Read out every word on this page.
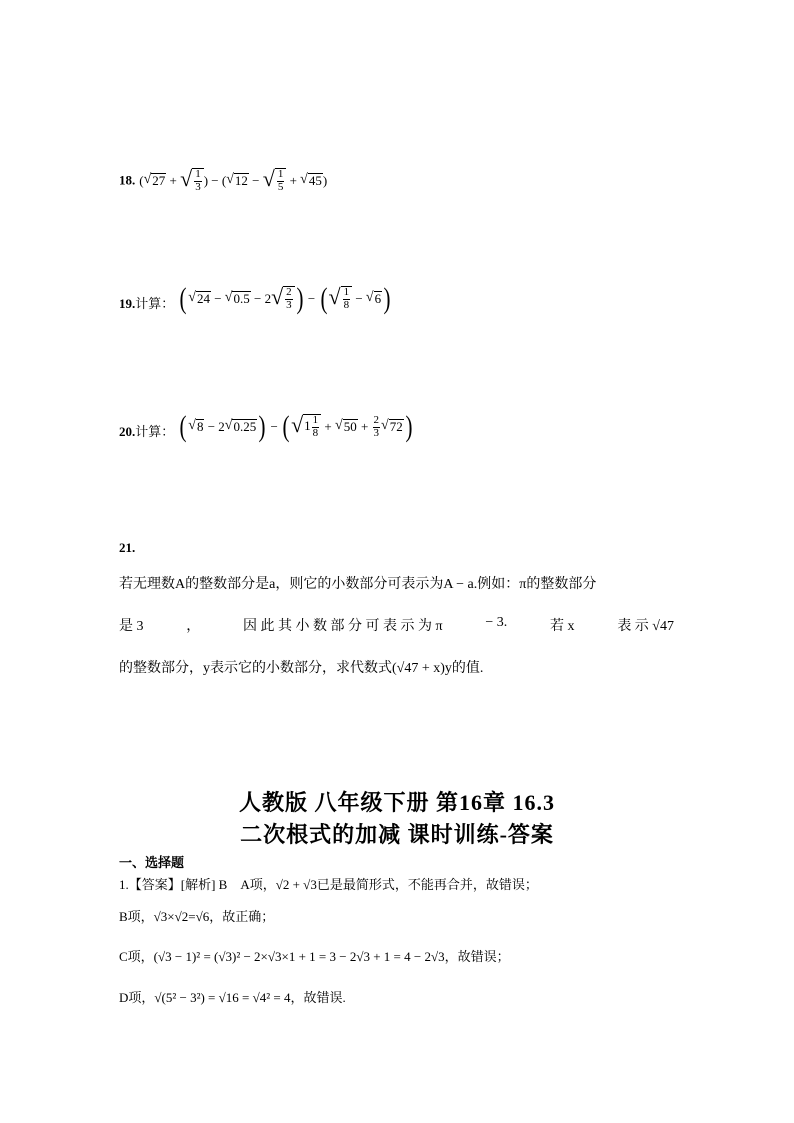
18. ( √ 27 + √ $\frac{1}{3}$ ) − ( √ 12 − √ $\frac{1}{5}$ + √ 45 )
19.计算： ( √ 24 − √ 0.5 − 2 √ $\frac{2}{3}$ ) − ( √ $\frac{1}{8}$ − √ 6 )
20.计算： ( √ 8 − 2 √ 0.25 ) − ( √ $1 \frac{1}{8}$ + √ $50 + \frac{2}{3}$ √ 72 )
21.
若无理数A的整数部分是a，则它的小数部分可表示为A − a.例如：π的整数部分
是 3	，	因 此 其 小 数 部 分 可 表 示 为 π	− 3.	若 x	表 示 √47
的整数部分，y表示它的小数部分，求代数式(√47 + x)y的值.
人教版 八年级下册 第16章 16.3
二次根式的加减 课时训练-答案
一、选择题
1.【答案】[解析] B　A项，√2 + √3已是最简形式，不能再合并，故错误；
B项，√3×√2=√6，故正确；
C项，(√3 − 1)² = (√3)² − 2×√3×1 + 1 = 3 − 2√3 + 1 = 4 − 2√3，故错误；
D项，√(5² − 3²) = √16 = √4² = 4，故错误.
